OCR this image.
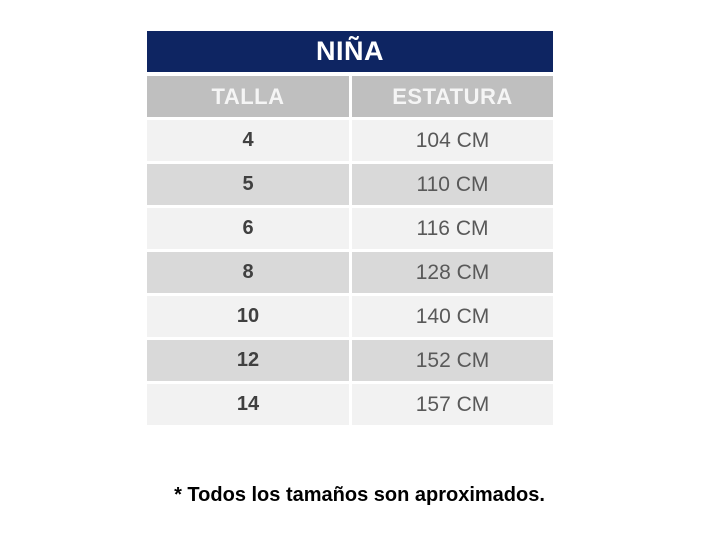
NIÑA
TALLA	ESTATURA
4	104 CM
5	110 CM
6	116 CM
8	128 CM
10	140 CM
12	152 CM
14	157 CM
* Todos los tamaños son aproximados.
